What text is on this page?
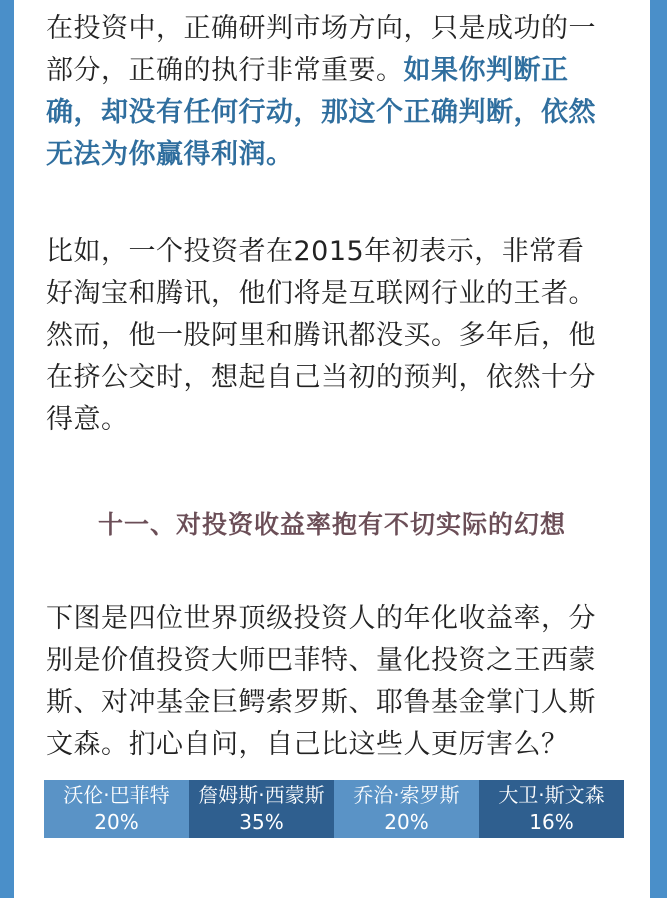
在投资中，正确研判市场方向，只是成功的一
部分，正确的执行非常重要。如果你判断正
确，却没有任何行动，那这个正确判断，依然
无法为你赢得利润。
比如，一个投资者在2015年初表示，非常看
好淘宝和腾讯，他们将是互联网行业的王者。
然而，他一股阿里和腾讯都没买。多年后，他
在挤公交时，想起自己当初的预判，依然十分
得意。
十一、对投资收益率抱有不切实际的幻想
下图是四位世界顶级投资人的年化收益率，分
别是价值投资大师巴菲特、量化投资之王西蒙
斯、对冲基金巨鳄索罗斯、耶鲁基金掌门人斯
文森。扪心自问，自己比这些人更厉害么？
沃伦·巴菲特
20%
詹姆斯·西蒙斯
35%
乔治·索罗斯
20%
大卫·斯文森
16%
